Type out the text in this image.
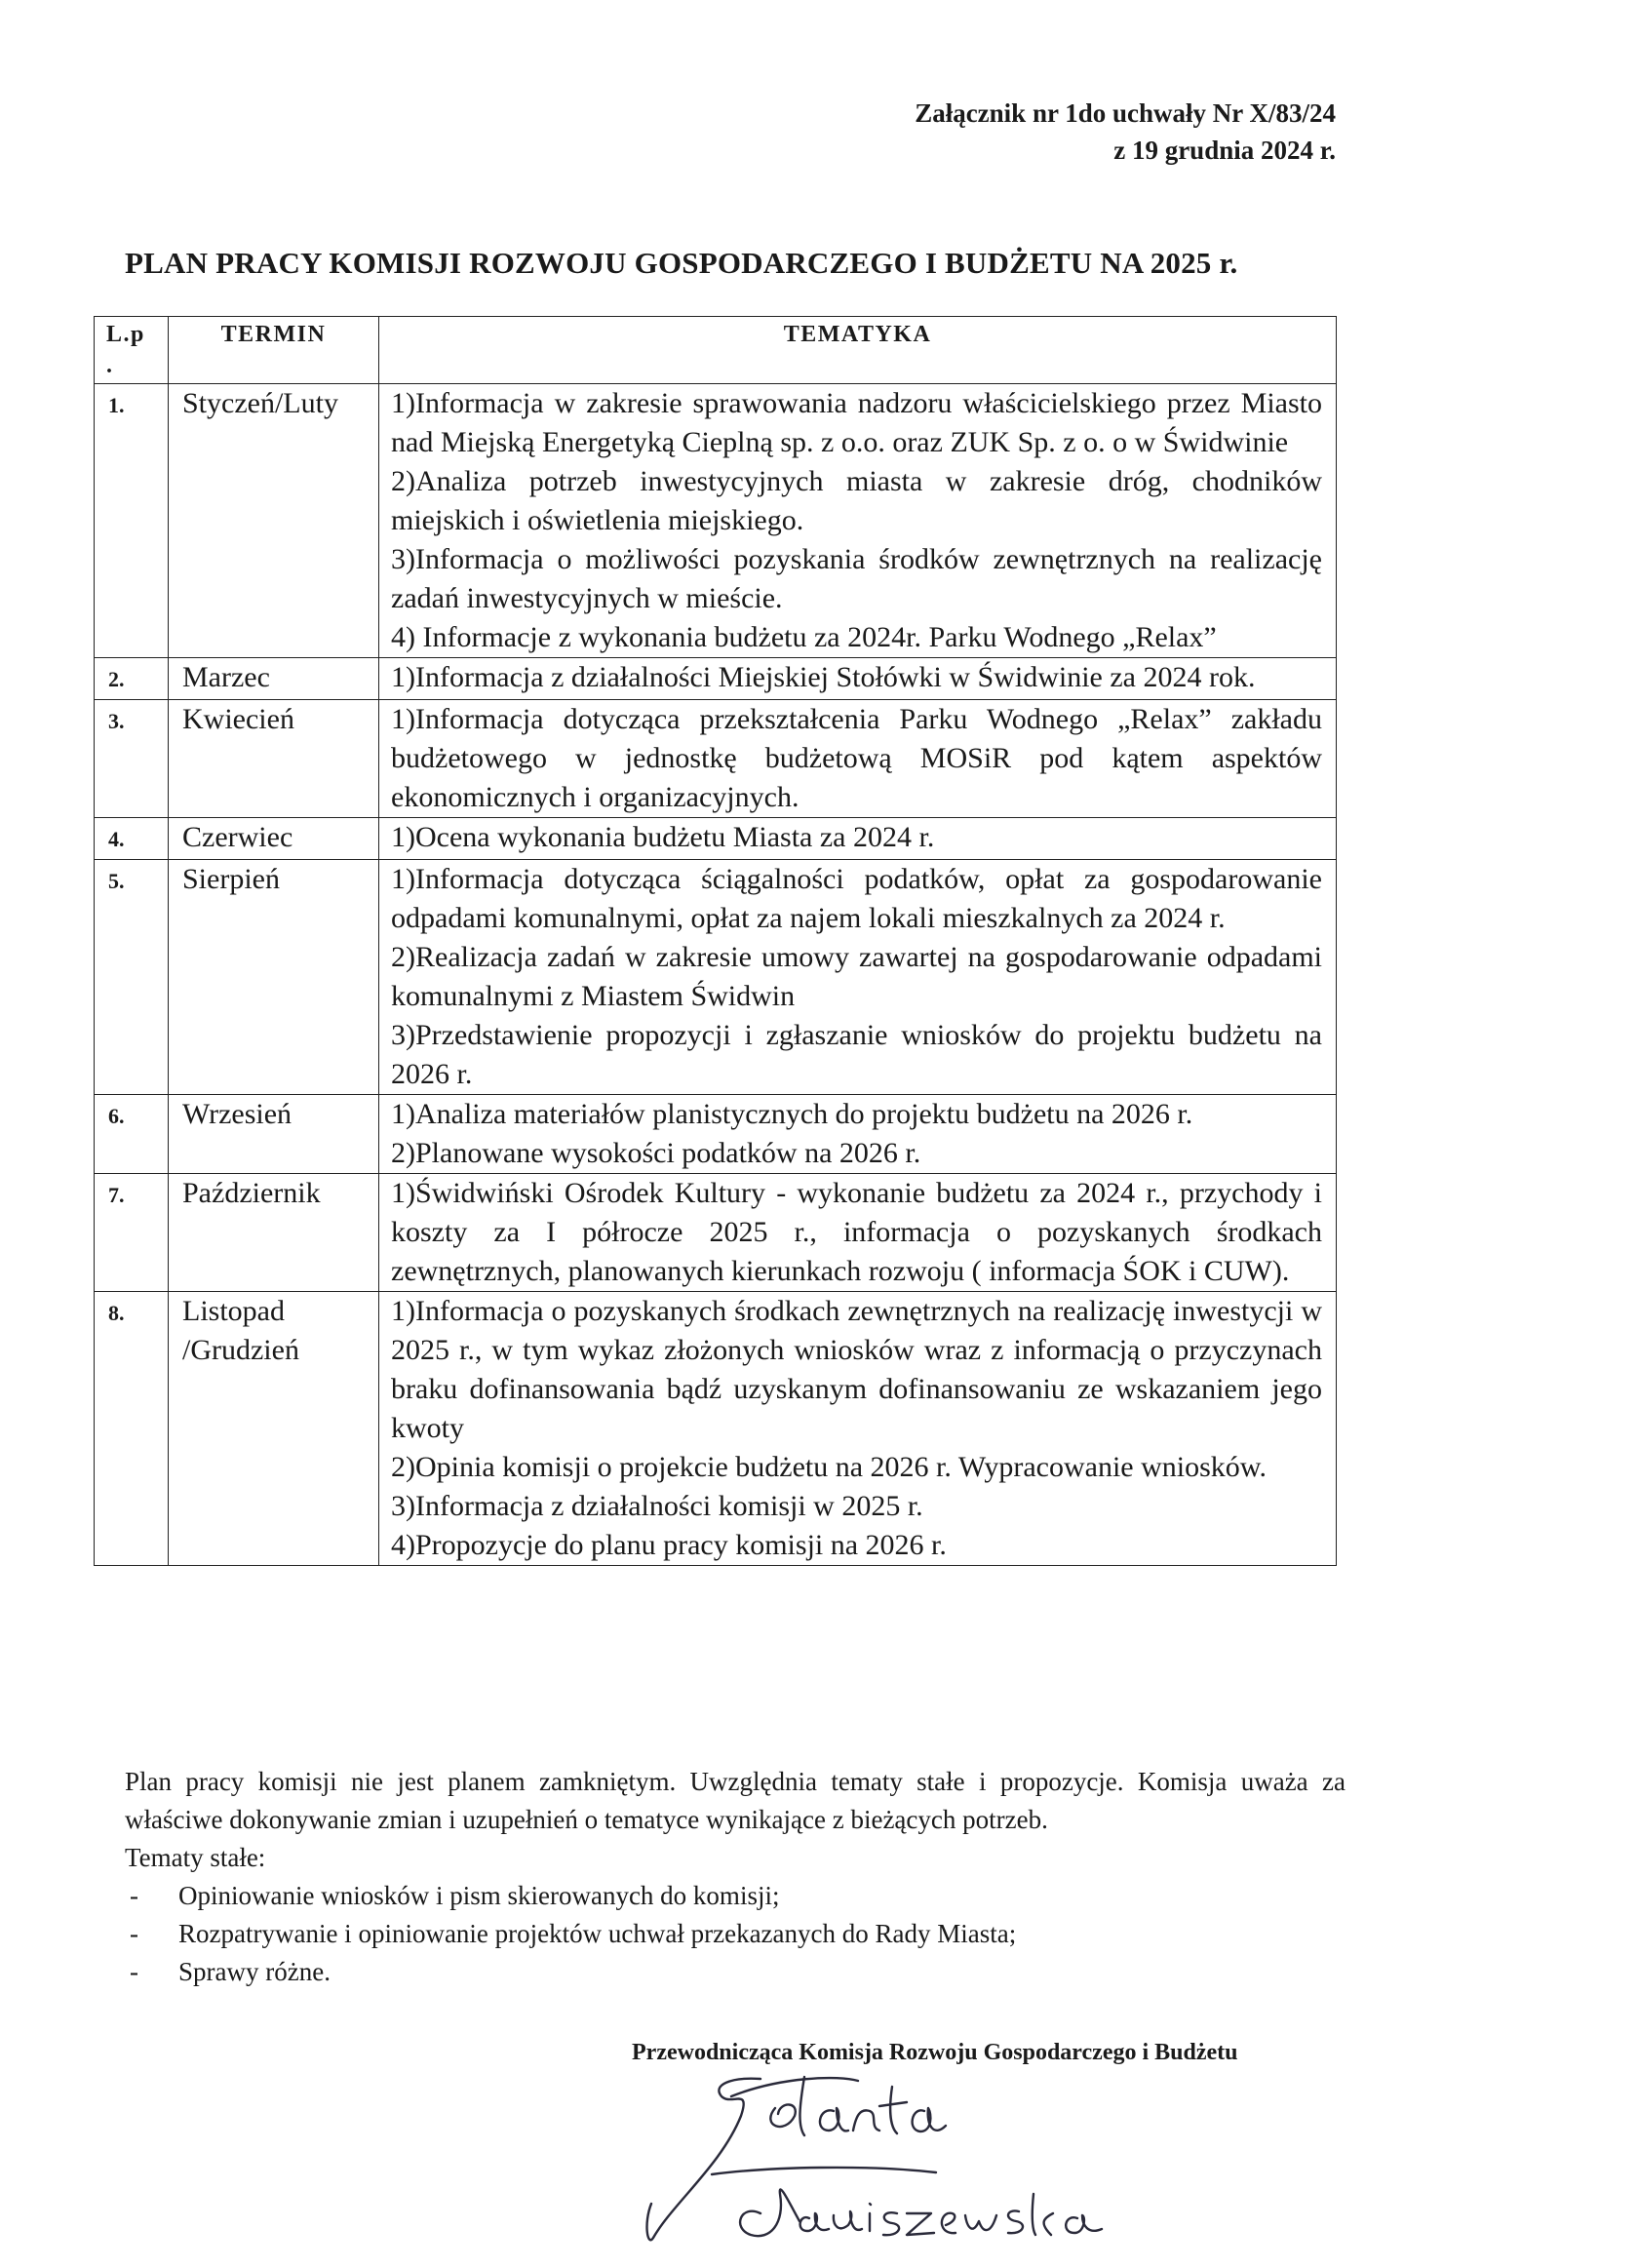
Załącznik nr 1do uchwały Nr X/83/24
z 19 grudnia 2024 r.
PLAN PRACY KOMISJI ROZWOJU GOSPODARCZEGO I BUDŻETU NA 2025 r.
L.p .	TERMIN	TEMATYKA
1.	Styczeń/Luty	1)Informacja w zakresie sprawowania nadzoru właścicielskiego przez Miasto nad Miejską Energetyką Cieplną sp. z o.o. oraz ZUK Sp. z o. o w Świdwinie
2)Analiza potrzeb inwestycyjnych miasta w zakresie dróg, chodników miejskich i oświetlenia miejskiego.
3)Informacja o możliwości pozyskania środków zewnętrznych na realizację zadań inwestycyjnych w mieście.
4) Informacje z wykonania budżetu za 2024r. Parku Wodnego „Relax”

2.	Marzec	1)Informacja z działalności Miejskiej Stołówki w Świdwinie za 2024 rok.

3.	Kwiecień	1)Informacja dotycząca przekształcenia Parku Wodnego „Relax” zakładu budżetowego w jednostkę budżetową MOSiR pod kątem aspektów ekonomicznych i organizacyjnych.

4.	Czerwiec	1)Ocena wykonania budżetu Miasta za 2024 r.

5.	Sierpień	1)Informacja dotycząca ściągalności podatków, opłat za gospodarowanie odpadami komunalnymi, opłat za najem lokali mieszkalnych za 2024 r.
2)Realizacja zadań w zakresie umowy zawartej na gospodarowanie odpadami komunalnymi z Miastem Świdwin
3)Przedstawienie propozycji i zgłaszanie wniosków do projektu budżetu na 2026 r.

6.	Wrzesień	1)Analiza materiałów planistycznych do projektu budżetu na 2026 r.
2)Planowane wysokości podatków na 2026 r.

7.	Październik	1)Świdwiński Ośrodek Kultury - wykonanie budżetu za 2024 r., przychody i koszty za I półrocze 2025 r., informacja o pozyskanych środkach zewnętrznych, planowanych kierunkach rozwoju ( informacja ŚOK i CUW).

8.	Listopad /Grudzień	1)Informacja o pozyskanych środkach zewnętrznych na realizację inwestycji w 2025 r., w tym wykaz złożonych wniosków wraz z informacją o przyczynach braku dofinansowania bądź uzyskanym dofinansowaniu ze wskazaniem jego kwoty
2)Opinia komisji o projekcie budżetu na 2026 r. Wypracowanie wniosków.
3)Informacja z działalności komisji w 2025 r.
4)Propozycje do planu pracy komisji na 2026 r.
Plan pracy komisji nie jest planem zamkniętym. Uwzględnia tematy stałe i propozycje. Komisja uważa za właściwe dokonywanie zmian i uzupełnień o tematyce wynikające z bieżących potrzeb.
Tematy stałe:
- Opiniowanie wniosków i pism skierowanych do komisji;
- Rozpatrywanie i opiniowanie projektów uchwał przekazanych do Rady Miasta;
- Sprawy różne.
Przewodnicząca Komisja Rozwoju Gospodarczego i Budżetu
